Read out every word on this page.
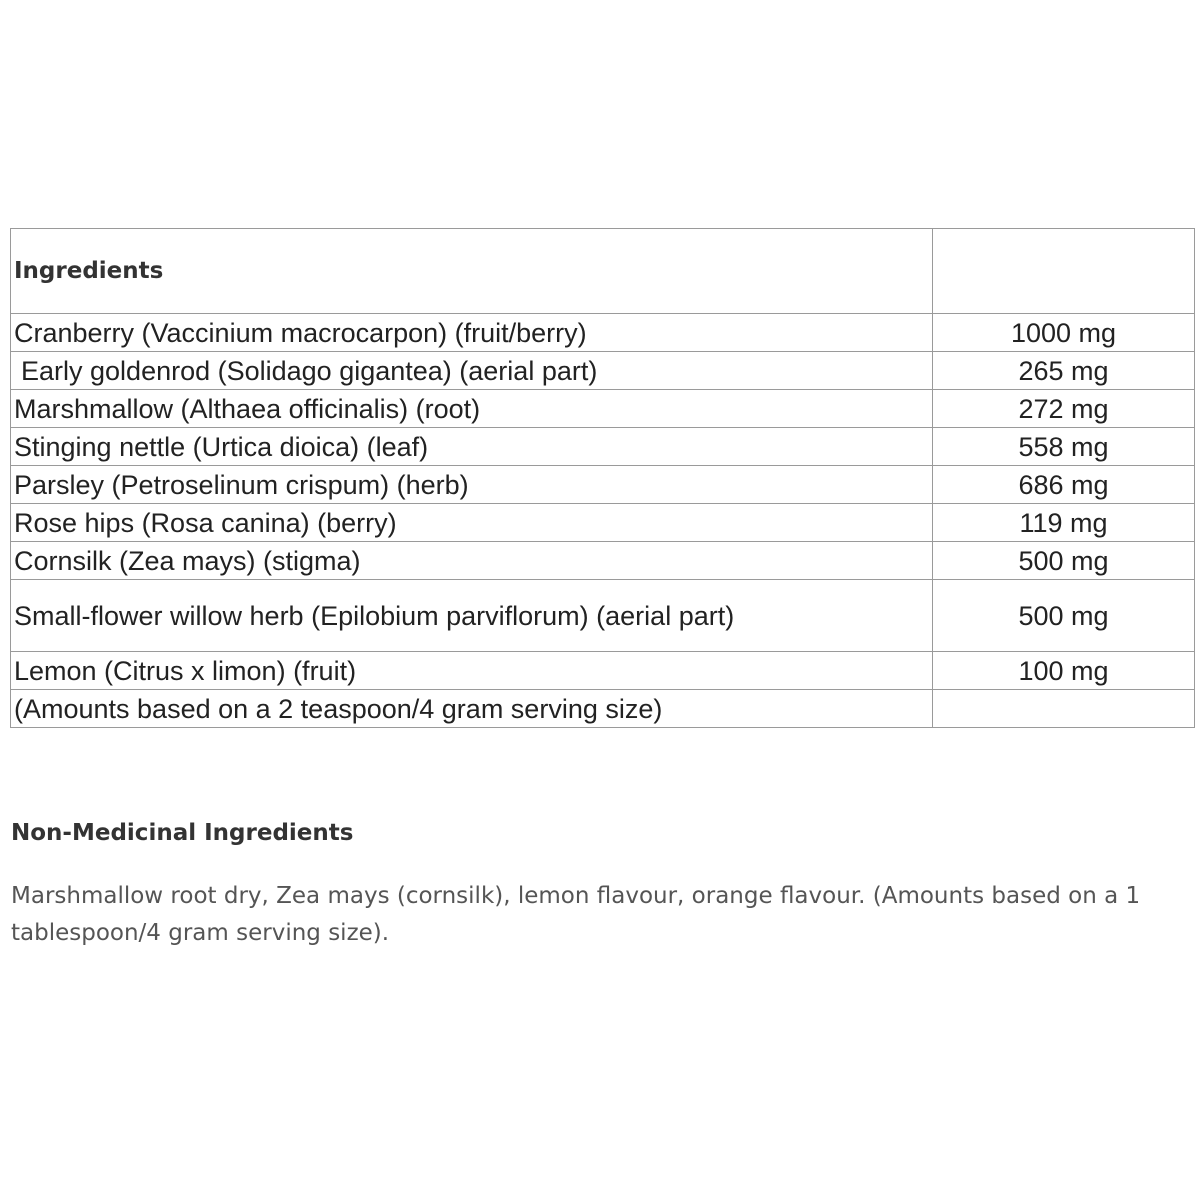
Ingredients	
Cranberry (Vaccinium macrocarpon) (fruit/berry)	1000 mg
Early goldenrod (Solidago gigantea) (aerial part)	265 mg
Marshmallow (Althaea officinalis) (root)	272 mg
Stinging nettle (Urtica dioica) (leaf)	558 mg
Parsley (Petroselinum crispum) (herb)	686 mg
Rose hips (Rosa canina) (berry)	119 mg
Cornsilk (Zea mays) (stigma)	500 mg
Small-flower willow herb (Epilobium parviflorum) (aerial part)	500 mg
Lemon (Citrus x limon) (fruit)	100 mg
(Amounts based on a 2 teaspoon/4 gram serving size)	
Non-Medicinal Ingredients

Marshmallow root dry, Zea mays (cornsilk), lemon flavour, orange flavour. (Amounts based on a 1 tablespoon/4 gram serving size).
